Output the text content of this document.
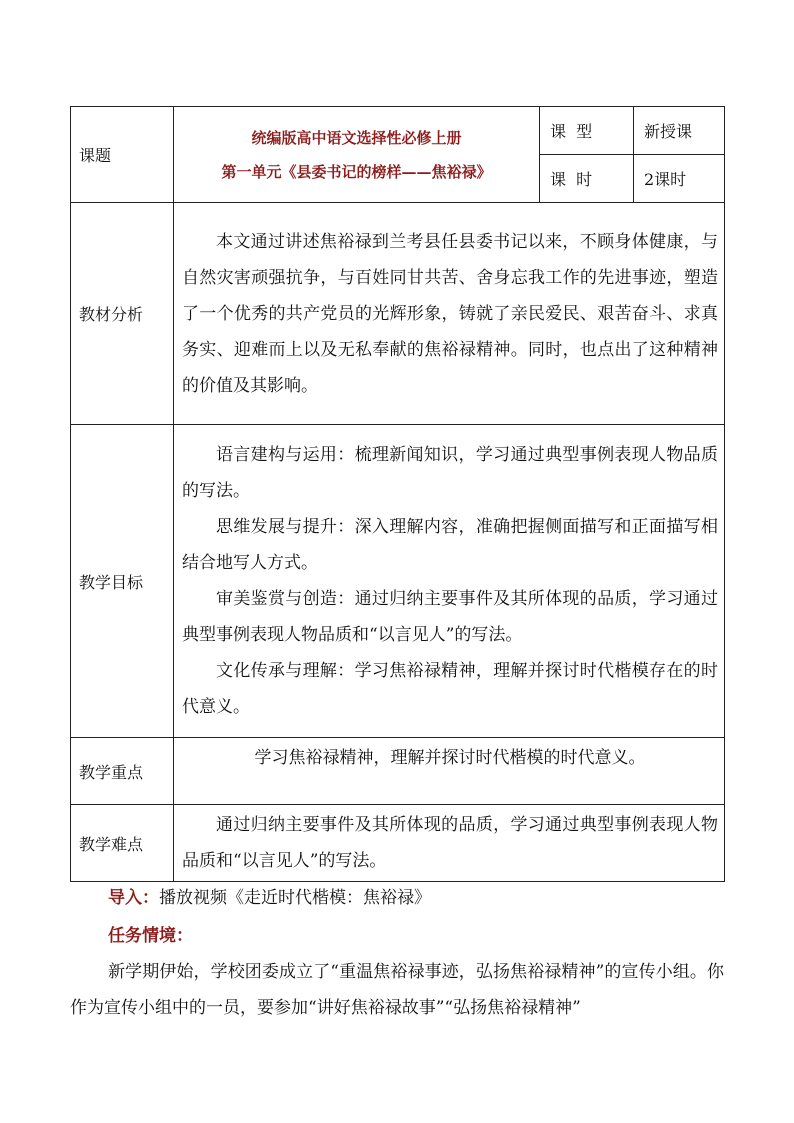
课题	统编版高中语文选择性必修上册
第一单元《县委书记的榜样——焦裕禄》	课  型	新授课
		课  时	2课时
教材分析	本文通过讲述焦裕禄到兰考县任县委书记以来，不顾身体健康，与自然灾害顽强抗争，与百姓同甘共苦、舍身忘我工作的先进事迹，塑造了一个优秀的共产党员的光辉形象，铸就了亲民爱民、艰苦奋斗、求真务实、迎难而上以及无私奉献的焦裕禄精神。同时，也点出了这种精神的价值及其影响。		

教学目标	语言建构与运用：梳理新闻知识，学习通过典型事例表现人物品质的写法。

思维发展与提升：深入理解内容，准确把握侧面描写和正面描写相结合地写人方式。

审美鉴赏与创造：通过归纳主要事件及其所体现的品质，学习通过典型事例表现人物品质和“以言见人”的写法。

文化传承与理解：学习焦裕禄精神，理解并探讨时代楷模存在的时代意义。		

教学重点	学习焦裕禄精神，理解并探讨时代楷模的时代意义。		

教学难点	通过归纳主要事件及其所体现的品质，学习通过典型事例表现人物品质和“以言见人”的写法。		

导入：播放视频《走近时代楷模：焦裕禄》
任务情境：
新学期伊始，学校团委成立了“重温焦裕禄事迹，弘扬焦裕禄精神”的宣传小组。你作为宣传小组中的一员，要参加“讲好焦裕禄故事”“弘扬焦裕禄精神”
